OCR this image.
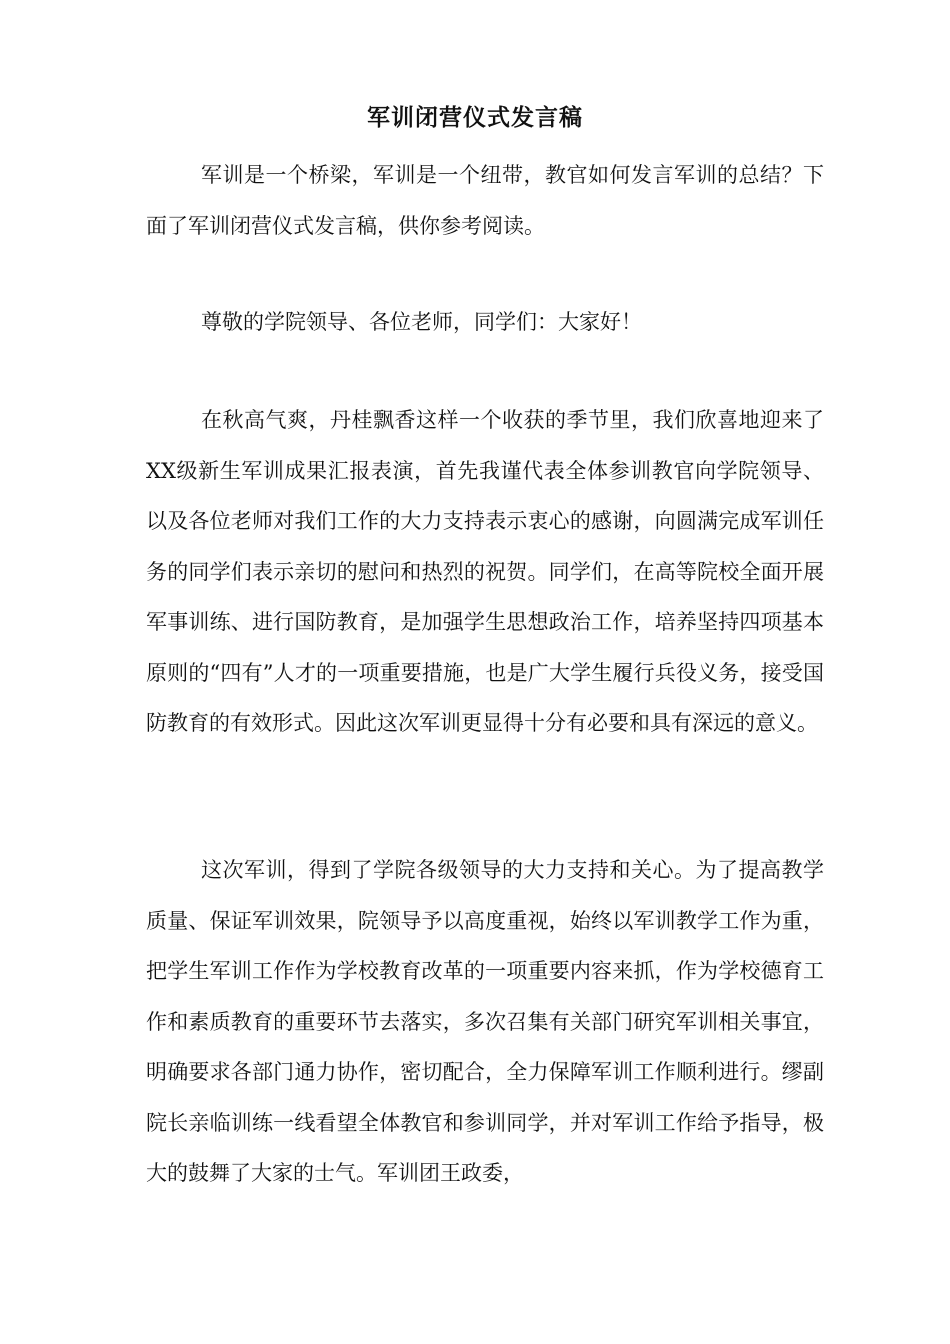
军训闭营仪式发言稿

军训是一个桥梁，军训是一个纽带，教官如何发言军训的总结？下面了军训闭营仪式发言稿，供你参考阅读。

尊敬的学院领导、各位老师，同学们：大家好！

在秋高气爽，丹桂飘香这样一个收获的季节里，我们欣喜地迎来了XX级新生军训成果汇报表演，首先我谨代表全体参训教官向学院领导、以及各位老师对我们工作的大力支持表示衷心的感谢，向圆满完成军训任务的同学们表示亲切的慰问和热烈的祝贺。同学们，在高等院校全面开展军事训练、进行国防教育，是加强学生思想政治工作，培养坚持四项基本原则的“四有”人才的一项重要措施，也是广大学生履行兵役义务，接受国防教育的有效形式。因此这次军训更显得十分有必要和具有深远的意义。

这次军训，得到了学院各级领导的大力支持和关心。为了提高教学质量、保证军训效果，院领导予以高度重视，始终以军训教学工作为重，把学生军训工作作为学校教育改革的一项重要内容来抓，作为学校德育工作和素质教育的重要环节去落实，多次召集有关部门研究军训相关事宜，明确要求各部门通力协作，密切配合，全力保障军训工作顺利进行。缪副院长亲临训练一线看望全体教官和参训同学，并对军训工作给予指导，极大的鼓舞了大家的士气。军训团王政委，
